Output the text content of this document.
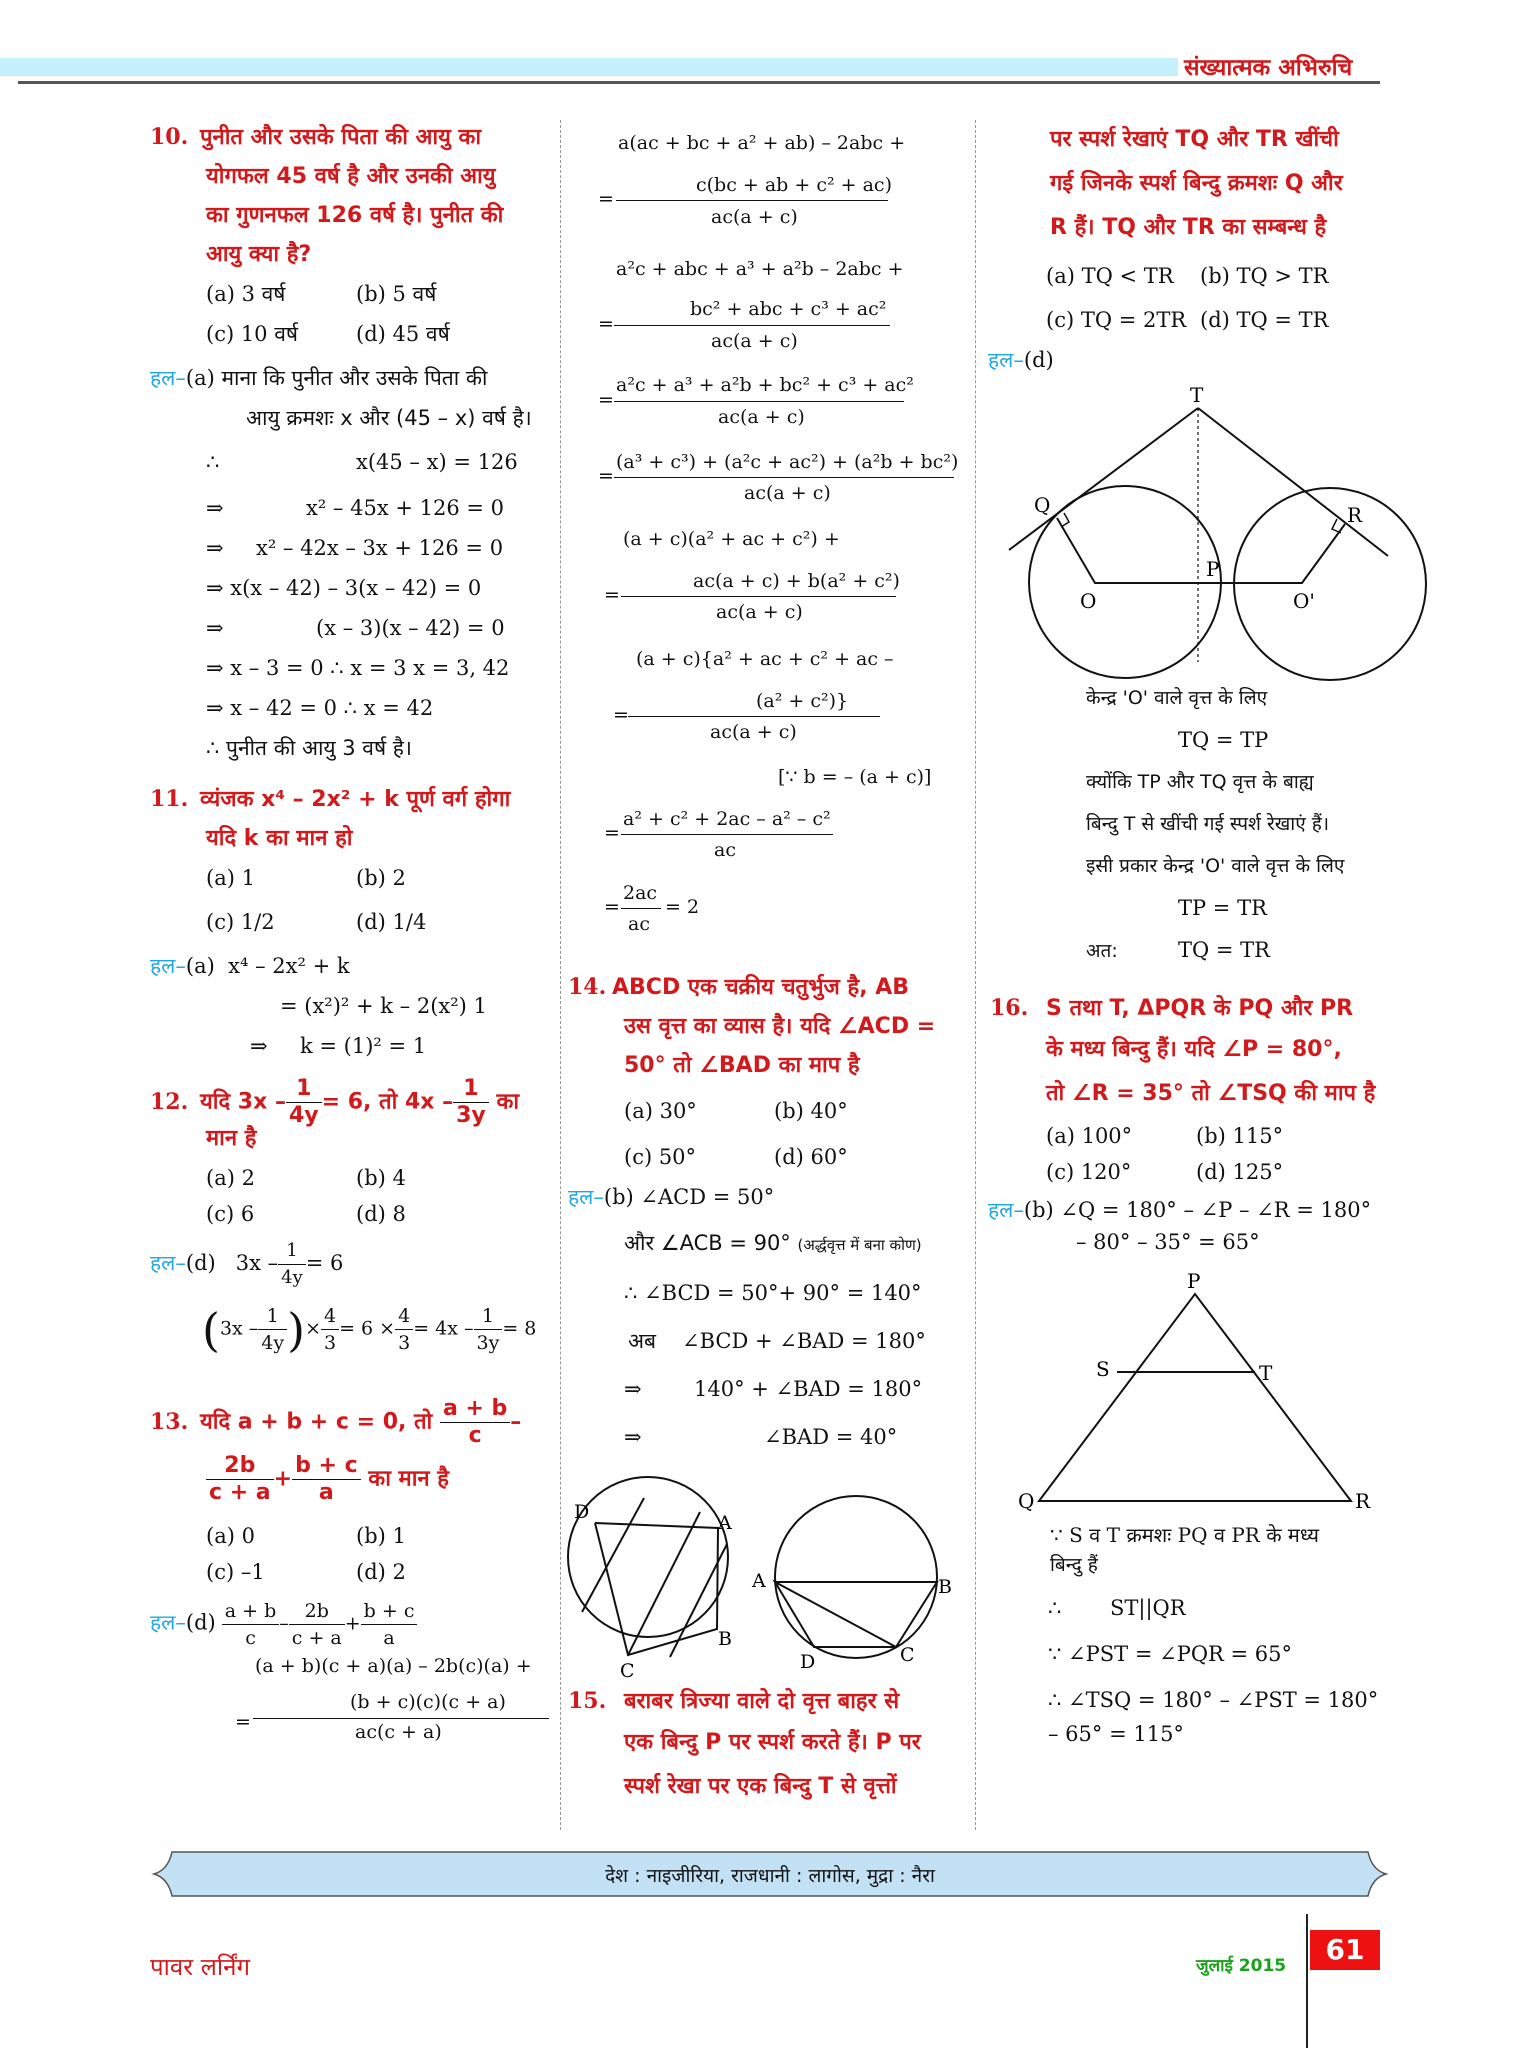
संख्यात्मक अभिरुचि
10. पुनीत और उसके पिता की आयु का
योगफल 45 वर्ष है और उनकी आयु
का गुणनफल 126 वर्ष है। पुनीत की
आयु क्या है?
(a) 3 वर्ष	(b) 5 वर्ष
(c) 10 वर्ष	(d) 45 वर्ष
हल–(a) माना कि पुनीत और उसके पिता की
आयु क्रमशः x और (45 – x) वर्ष है।
∴	x(45 – x) = 126
⇒	x² – 45x + 126 = 0
⇒ x² – 42x – 3x + 126 = 0
⇒ x(x – 42) – 3(x – 42) = 0
⇒	(x – 3)(x – 42) = 0
⇒ x – 3 = 0 ∴ x = 3 x = 3, 42
⇒ x – 42 = 0 ∴ x = 42
∴ पुनीत की आयु 3 वर्ष है।
11. व्यंजक x⁴ – 2x² + k पूर्ण वर्ग होगा
यदि k का मान हो
(a) 1	(b) 2
(c) 1/2	(d) 1/4
हल–(a) x⁴ – 2x² + k
= (x²)² + k – 2(x²) 1
⇒ k = (1)² = 1
12. यदि $3x - \frac{1}{4y} = 6$, तो $4x - \frac{1}{3y}$ का
मान है
(a) 2	(b) 4
(c) 6	(d) 8
हल–(d) $3x - \frac{1}{4y} = 6$
($3x - \frac{1}{4y}$ )× $\frac{4}{3} = 6 \times \frac{4}{3} = 4x - \frac{1}{3y} = 8$
13. यदि a + b + c = 0, तो $\frac{a + b}{c}$ –
$\frac{2b}{c + a} + \frac{b + c}{a}$ का मान है
(a) 0	(b) 1
(c) –1	(d) 2
हल–(d) $\frac{a + b}{c} - \frac{2b}{c + a} + \frac{b + c}{a}$
(a + b)(c + a)(a) – 2b(c)(a) +
=
(b + c)(c)(c + a)
ac(c + a)
a(ac + bc + a² + ab) – 2abc +
c(bc + ab + c² + ac)
=
ac(a + c)
a²c + abc + a³ + a²b – 2abc +
bc² + abc + c³ + ac²
=
ac(a + c)
a²c + a³ + a²b + bc² + c³ + ac²
=
ac(a + c)
(a³ + c³) + (a²c + ac²) + (a²b + bc²)
=
ac(a + c)
(a + c)(a² + ac + c²) +
ac(a + c) + b(a² + c²)
=
ac(a + c)
(a + c){a² + ac + c² + ac –
(a² + c²)}
=
ac(a + c)
[∵ b = – (a + c)]
a² + c² + 2ac – a² – c²
=
ac
2ac
=
ac
= 2
14. ABCD एक चक्रीय चतुर्भुज है, AB
उस वृत्त का व्यास है। यदि ∠ACD =
50° तो ∠BAD का माप है
(a) 30°	(b) 40°
(c) 50°	(d) 60°
हल–(b) ∠ACD = 50°
और ∠ACB = 90° (अर्द्धवृत्त में बना कोण)
∴ ∠BCD = 50°+ 90° = 140°
अब ∠BCD + ∠BAD = 180°
⇒ 140° + ∠BAD = 180°
⇒	∠BAD = 40°
D	A
B
C
A	B
D	C
15. बराबर त्रिज्या वाले दो वृत्त बाहर से
एक बिन्दु P पर स्पर्श करते हैं। P पर
स्पर्श रेखा पर एक बिन्दु T से वृत्तों
पर स्पर्श रेखाएं TQ और TR खींची
गई जिनके स्पर्श बिन्दु क्रमशः Q और
R हैं। TQ और TR का सम्बन्ध है
(a) TQ < TR (b) TQ > TR
(c) TQ = 2TR (d) TQ = TR
हल–(d)
T
Q	R
P
O	O'
केन्द्र 'O' वाले वृत्त के लिए
TQ = TP
क्योंकि TP और TQ वृत्त के बाह्य
बिन्दु T से खींची गई स्पर्श रेखाएं हैं।
इसी प्रकार केन्द्र 'O' वाले वृत्त के लिए
TP = TR
अत:	TQ = TR
16. S तथा T, ΔPQR के PQ और PR
के मध्य बिन्दु हैं। यदि ∠P = 80°,
तो ∠R = 35° तो ∠TSQ की माप है
(a) 100°	(b) 115°
(c) 120°	(d) 125°
हल–(b) ∠Q = 180° – ∠P – ∠R = 180°
– 80° – 35° = 65°
P
S	T
Q	R
∵ S व T क्रमशः PQ व PR के मध्य
बिन्दु हैं
∴ ST||QR
∵ ∠PST = ∠PQR = 65°
∴ ∠TSQ = 180° – ∠PST = 180°
– 65° = 115°
देश : नाइजीरिया, राजधानी : लागोस, मुद्रा : नैरा
पावर लर्निंग	जुलाई 2015	61
